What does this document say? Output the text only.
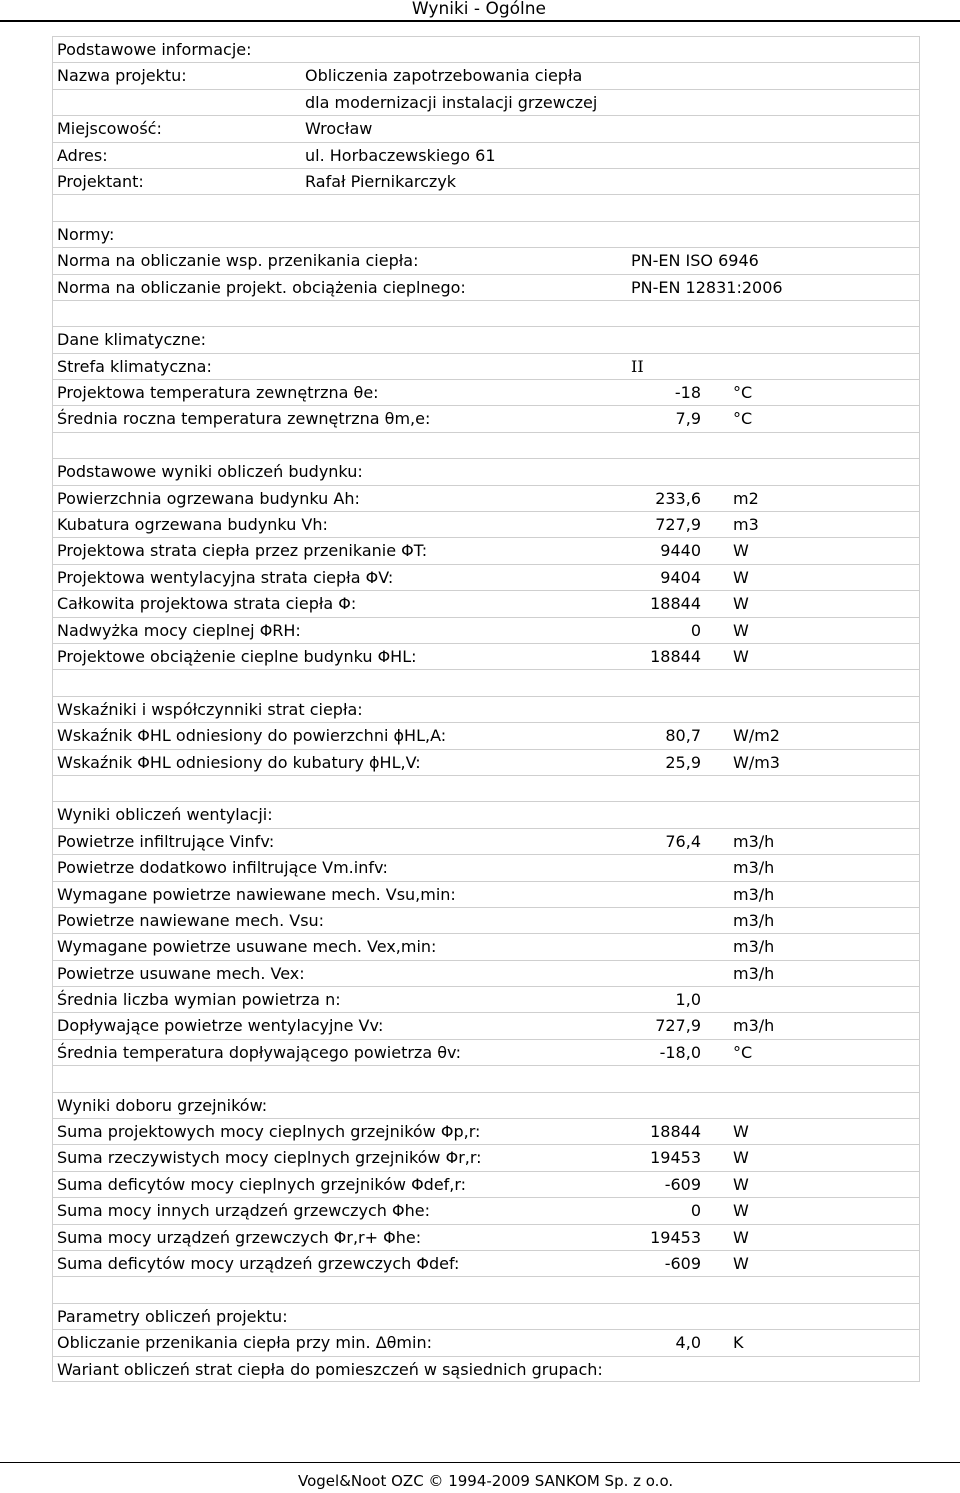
Wyniki - Ogólne
Podstawowe informacje:
Nazwa projektu:	Obliczenia zapotrzebowania ciepła
dla modernizacji instalacji grzewczej
Miejscowość:	Wrocław
Adres:	ul. Horbaczewskiego 61
Projektant:	Rafał Piernikarczyk
Normy:
Norma na obliczanie wsp. przenikania ciepła:	PN-EN ISO 6946
Norma na obliczanie projekt. obciążenia cieplnego:	PN-EN 12831:2006
Dane klimatyczne:
Strefa klimatyczna:	II
Projektowa temperatura zewnętrzna θe:	-18 °C
Średnia roczna temperatura zewnętrzna θm,e:	7,9 °C
Podstawowe wyniki obliczeń budynku:
Powierzchnia ogrzewana budynku Ah:	233,6 m2
Kubatura ogrzewana budynku Vh:	727,9 m3
Projektowa strata ciepła przez przenikanie ΦT:	9440 W
Projektowa wentylacyjna strata ciepła ΦV:	9404 W
Całkowita projektowa strata ciepła Φ:	18844 W
Nadwyżka mocy cieplnej ΦRH:	0 W
Projektowe obciążenie cieplne budynku ΦHL:	18844 W
Wskaźniki i współczynniki strat ciepła:
Wskaźnik ΦHL odniesiony do powierzchni ϕHL,A:	80,7 W/m2
Wskaźnik ΦHL odniesiony do kubatury ϕHL,V:	25,9 W/m3
Wyniki obliczeń wentylacji:
Powietrze infiltrujące Vinfv:	76,4 m3/h
Powietrze dodatkowo infiltrujące Vm.infv:	m3/h
Wymagane powietrze nawiewane mech. Vsu,min:	m3/h
Powietrze nawiewane mech. Vsu:	m3/h
Wymagane powietrze usuwane mech. Vex,min:	m3/h
Powietrze usuwane mech. Vex:	m3/h
Średnia liczba wymian powietrza n:	1,0
Dopływające powietrze wentylacyjne Vv:	727,9 m3/h
Średnia temperatura dopływającego powietrza θv:	-18,0 °C
Wyniki doboru grzejników:
Suma projektowych mocy cieplnych grzejników Φp,r:	18844 W
Suma rzeczywistych mocy cieplnych grzejników Φr,r:	19453 W
Suma deficytów mocy cieplnych grzejników Φdef,r:	-609 W
Suma mocy innych urządzeń grzewczych Φhe:	0 W
Suma mocy urządzeń grzewczych Φr,r+ Φhe:	19453 W
Suma deficytów mocy urządzeń grzewczych Φdef:	-609 W
Parametry obliczeń projektu:
Obliczanie przenikania ciepła przy min. Δθmin:	4,0 K
Wariant obliczeń strat ciepła do pomieszczeń w sąsiednich grupach:
Vogel&Noot OZC © 1994-2009 SANKOM Sp. z o.o.
